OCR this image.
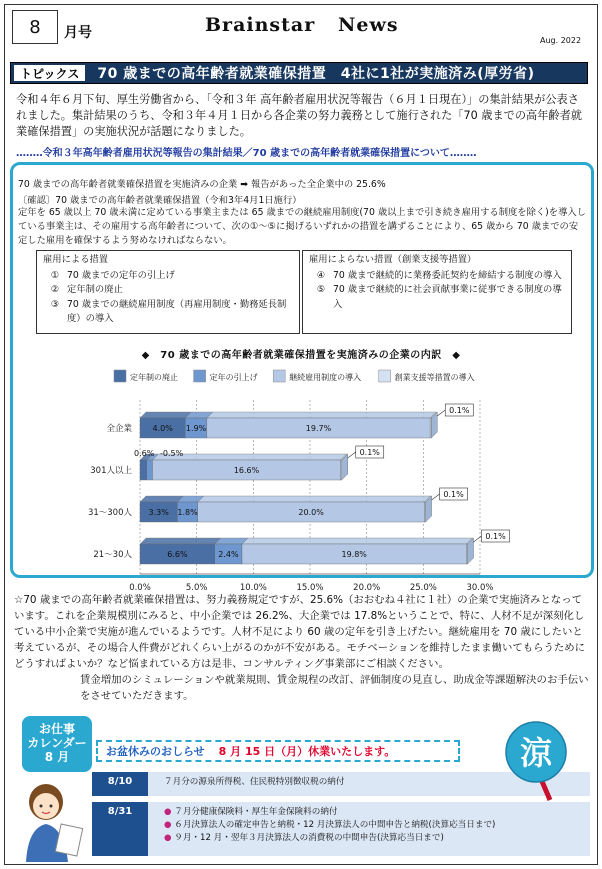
8 月号	Brainstar   News
Aug. 2022
トピックス	70 歳までの高年齢者就業確保措置　4社に1社が実施済み(厚労省)
令和４年６月下旬、厚生労働省から、「令和３年 高年齢者雇用状況等報告（６月１日現在）」の集計結果が公表されました。集計結果のうち、令和３年４月１日から各企業の努力義務として施行された「70 歳までの高年齢者就業確保措置」の実施状況が話題になりました。
‥‥‥‥令和３年高年齢者雇用状況等報告の集計結果／70 歳までの高年齢者就業確保措置について‥‥‥‥
70 歳までの高年齢者就業確保措置を実施済みの企業 ➡ 報告があった全企業中の 25.6%
〔確認〕70 歳までの高年齢者就業確保措置（令和3年4月1日施行）
定年を 65 歳以上 70 歳未満に定めている事業主または 65 歳までの継続雇用制度(70 歳以上まで引き続き雇用する制度を除く)を導入している事業主は、その雇用する高年齢者について、次の①～⑤に掲げるいずれかの措置を講ずることにより、65 歳から 70 歳までの安定した雇用を確保するよう努めなければならない。
雇用による措置
① 70 歳までの定年の引上げ
② 定年制の廃止
③ 70 歳までの継続雇用制度（再雇用制度・勤務延長制度）の導入
雇用によらない措置（創業支援等措置）
④ 70 歳まで継続的に業務委託契約を締結する制度の導入
⑤ 70 歳まで継続的に社会貢献事業に従事できる制度の導入
◆　70 歳までの高年齢者就業確保措置を実施済みの企業の内訳　◆
定年制の廃止	定年の引上げ	継続雇用制度の導入	創業支援等措置の導入
0.0%	5.0%	10.0%	15.0%	20.0%	25.0%	30.0%
全企業	4.0% 1.9%	19.7%
0.1%
301人以上
0.6% -0.5%
16.6%
0.1%
31～300人 3.3% 1.8%	20.0%
0.1%
21～30人	6.6%	2.4%	19.8%
0.1%
☆70 歳までの高年齢者就業確保措置は、努力義務規定ですが、25.6%（おおむね４社に１社）の企業で実施済みとなっています。これを企業規模別にみると、中小企業では 26.2%、大企業では 17.8%ということで、特に、人材不足が深刻化している中小企業で実施が進んでいるようです。人材不足により 60 歳の定年を引き上げたい。継続雇用を 70 歳にしたいと考えているが、その場合人件費がどれくらい上がるのかが不安がある。モチベーションを維持したまま働いてもらうためにどうすればよいか？など悩まれている方は是非、コンサルティング事業部にご相談ください。
賃金増加のシミュレーションや就業規則、賃金規程の改訂、評価制度の見直し、助成金等課題解決のお手伝いをさせていただきます。
お仕事
カレンダー
8 月	お盆休みのおしらせ 8 月 15 日（月）休業いたします。
8/10	７月分の源泉所得税、住民税特別徴収税の納付
8/31	● ７月分健康保険料・厚生年金保険料の納付
● ６月決算法人の確定申告と納税・12 月決算法人の中間申告と納税(決算応当日まで)
● ９月・12 月・翌年３月決算法人の消費税の中間申告(決算応当日まで)
涼
